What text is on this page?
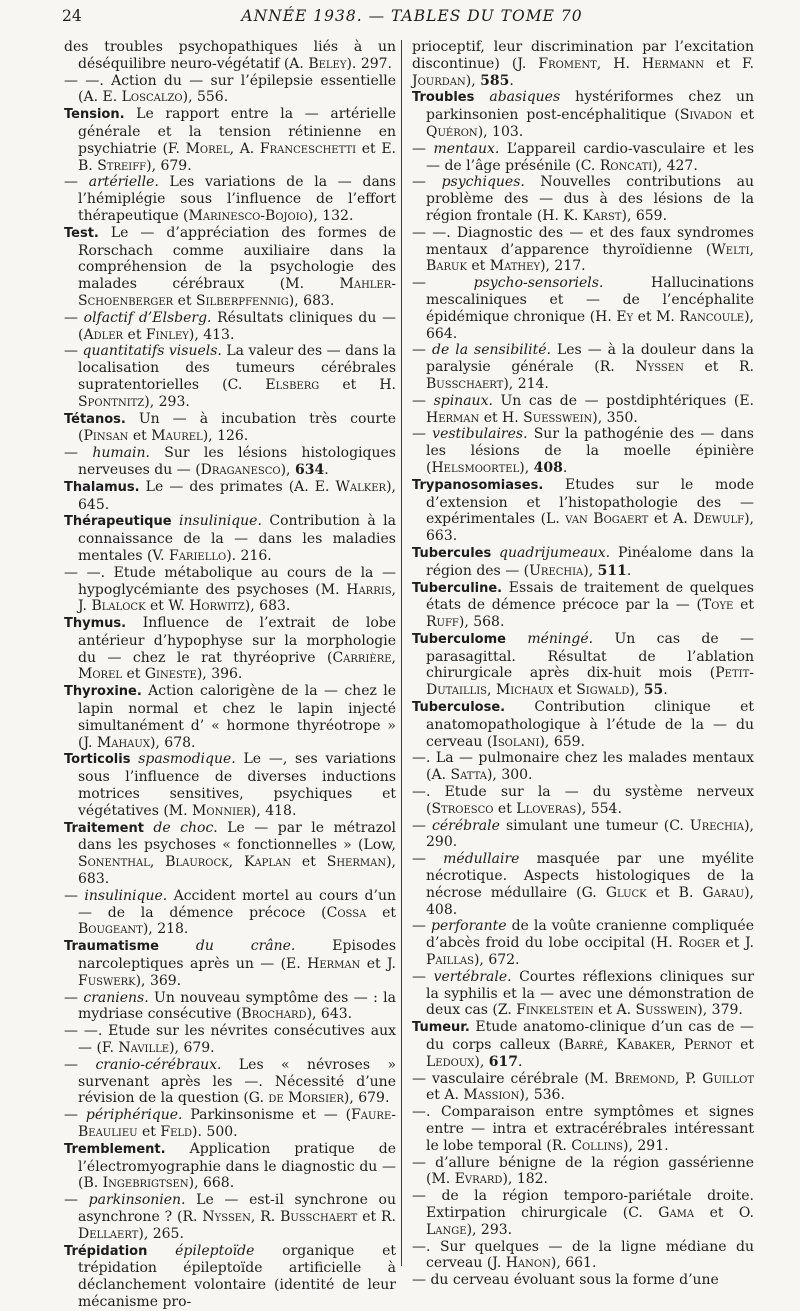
24	ANNÉE 1938. — TABLES DU TOME 70

des troubles psychopathiques liés à un déséquilibre neuro-végétatif (A. Beley). 297.

— —. Action du — sur l’épilepsie essentielle (A. E. Loscalzo), 556.

Tension. Le rapport entre la — artérielle générale et la tension rétinienne en psychiatrie (F. Morel, A. Franceschetti et E. B. Streiff), 679.

— artérielle. Les variations de la — dans l’hémiplégie sous l’influence de l’effort thérapeutique (Marinesco-Bojoio), 132.

Test. Le — d’appréciation des formes de Rorschach comme auxiliaire dans la compréhension de la psychologie des malades cérébraux (M. Mahler-Schoenberger et Silberpfennig), 683.

— olfactif d’Elsberg. Résultats cliniques du — (Adler et Finley), 413.

— quantitatifs visuels. La valeur des — dans la localisation des tumeurs cérébrales supratentorielles (C. Elsberg et H. Spontnitz), 293.

Tétanos. Un — à incubation très courte (Pinsan et Maurel), 126.

— humain. Sur les lésions histologiques nerveuses du — (Draganesco), 634.

Thalamus. Le — des primates (A. E. Walker), 645.

Thérapeutique insulinique. Contribution à la connaissance de la — dans les maladies mentales (V. Fariello). 216.

— —. Etude métabolique au cours de la — hypoglycémiante des psychoses (M. Harris, J. Blalock et W. Horwitz), 683.

Thymus. Influence de l’extrait de lobe antérieur d’hypophyse sur la morphologie du — chez le rat thyréoprive (Carrière, Morel et Gineste), 396.

Thyroxine. Action calorigène de la — chez le lapin normal et chez le lapin injecté simultanément d’ « hormone thyréotrope » (J. Mahaux), 678.

Torticolis spasmodique. Le —, ses variations sous l’influence de diverses inductions motrices sensitives, psychiques et végétatives (M. Monnier), 418.

Traitement de choc. Le — par le métrazol dans les psychoses « fonctionnelles » (Low, Sonenthal, Blaurock, Kaplan et Sherman), 683.

— insulinique. Accident mortel au cours d’un — de la démence précoce (Cossa et Bougeant), 218.

Traumatisme du crâne. Episodes narcoleptiques après un — (E. Herman et J. Fuswerk), 369.

— craniens. Un nouveau symptôme des — : la mydriase consécutive (Brochard), 643.

— —. Etude sur les névrites consécutives aux — (F. Naville), 679.

— cranio-cérébraux. Les « névroses » survenant après les —. Nécessité d’une révision de la question (G. de Morsier), 679.

— périphérique. Parkinsonisme et — (Faure-Beaulieu et Feld). 500.

Tremblement. Application pratique de l’électromyographie dans le diagnostic du — (B. Ingebrigtsen), 668.

— parkinsonien. Le — est-il synchrone ou asynchrone ? (R. Nyssen, R. Busschaert et R. Dellaert), 265.

Trépidation épileptoïde organique et trépidation épileptoïde artificielle à déclanchement volontaire (identité de leur mécanisme pro-

prioceptif, leur discrimination par l’excitation discontinue) (J. Froment, H. Hermann et F. Jourdan), 585.

Troubles abasiques hystériformes chez un parkinsonien post-encéphalitique (Sivadon et Quéron), 103.

— mentaux. L’appareil cardio-vasculaire et les — de l’âge présénile (C. Roncati), 427.

— psychiques. Nouvelles contributions au problème des — dus à des lésions de la région frontale (H. K. Karst), 659.

— —. Diagnostic des — et des faux syndromes mentaux d’apparence thyroïdienne (Welti, Baruk et Mathey), 217.

— psycho-sensoriels. Hallucinations mescaliniques et — de l’encéphalite épidémique chronique (H. Ey et M. Rancoule), 664.

— de la sensibilité. Les — à la douleur dans la paralysie générale (R. Nyssen et R. Busschaert), 214.

— spinaux. Un cas de — postdiphtériques (E. Herman et H. Suesswein), 350.

— vestibulaires. Sur la pathogénie des — dans les lésions de la moelle épinière (Helsmoortel), 408.

Trypanosomiases. Etudes sur le mode d’extension et l’histopathologie des — expérimentales (L. van Bogaert et A. Dewulf), 663.

Tubercules quadrijumeaux. Pinéalome dans la région des — (Urechia), 511.

Tuberculine. Essais de traitement de quelques états de démence précoce par la — (Toye et Ruff), 568.

Tuberculome méningé. Un cas de — parasagittal. Résultat de l’ablation chirurgicale après dix-huit mois (Petit-Dutaillis, Michaux et Sigwald), 55.

Tuberculose. Contribution clinique et anatomopathologique à l’étude de la — du cerveau (Isolani), 659.

—. La — pulmonaire chez les malades mentaux (A. Satta), 300.

—. Etude sur la — du système nerveux (Stroesco et Lloveras), 554.

— cérébrale simulant une tumeur (C. Urechia), 290.

— médullaire masquée par une myélite nécrotique. Aspects histologiques de la nécrose médullaire (G. Gluck et B. Garau), 408.

— perforante de la voûte cranienne compliquée d’abcès froid du lobe occipital (H. Roger et J. Paillas), 672.

— vertébrale. Courtes réflexions cliniques sur la syphilis et la — avec une démonstration de deux cas (Z. Finkelstein et A. Susswein), 379.

Tumeur. Etude anatomo-clinique d’un cas de — du corps calleux (Barré, Kabaker, Pernot et Ledoux), 617.

— vasculaire cérébrale (M. Bremond, P. Guillot et A. Massion), 536.

—. Comparaison entre symptômes et signes entre — intra et extracérébrales intéressant le lobe temporal (R. Collins), 291.

— d’allure bénigne de la région gassérienne (M. Evrard), 182.

— de la région temporo-pariétale droite. Extirpation chirurgicale (C. Gama et O. Lange), 293.

—. Sur quelques — de la ligne médiane du cerveau (J. Hanon), 661.

— du cerveau évoluant sous la forme d’une
